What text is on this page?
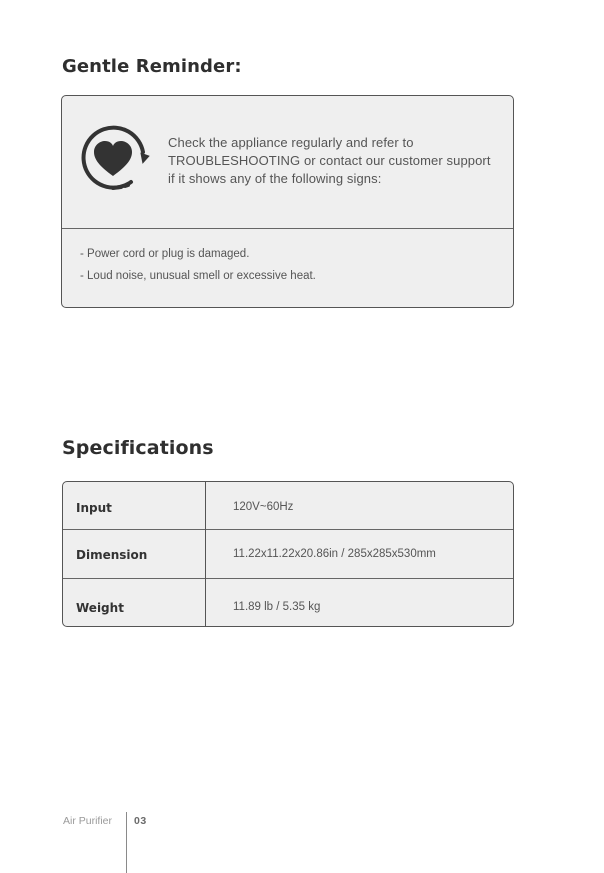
Gentle Reminder:
Check the appliance regularly and refer to TROUBLESHOOTING or contact our customer support if it shows any of the following signs:
- Power cord or plug is damaged.
- Loud noise, unusual smell or excessive heat.
Specifications
Input	120V~60Hz
Dimension	11.22x11.22x20.86in / 285x285x530mm
Weight	11.89 lb / 5.35 kg
Air Purifier 03
